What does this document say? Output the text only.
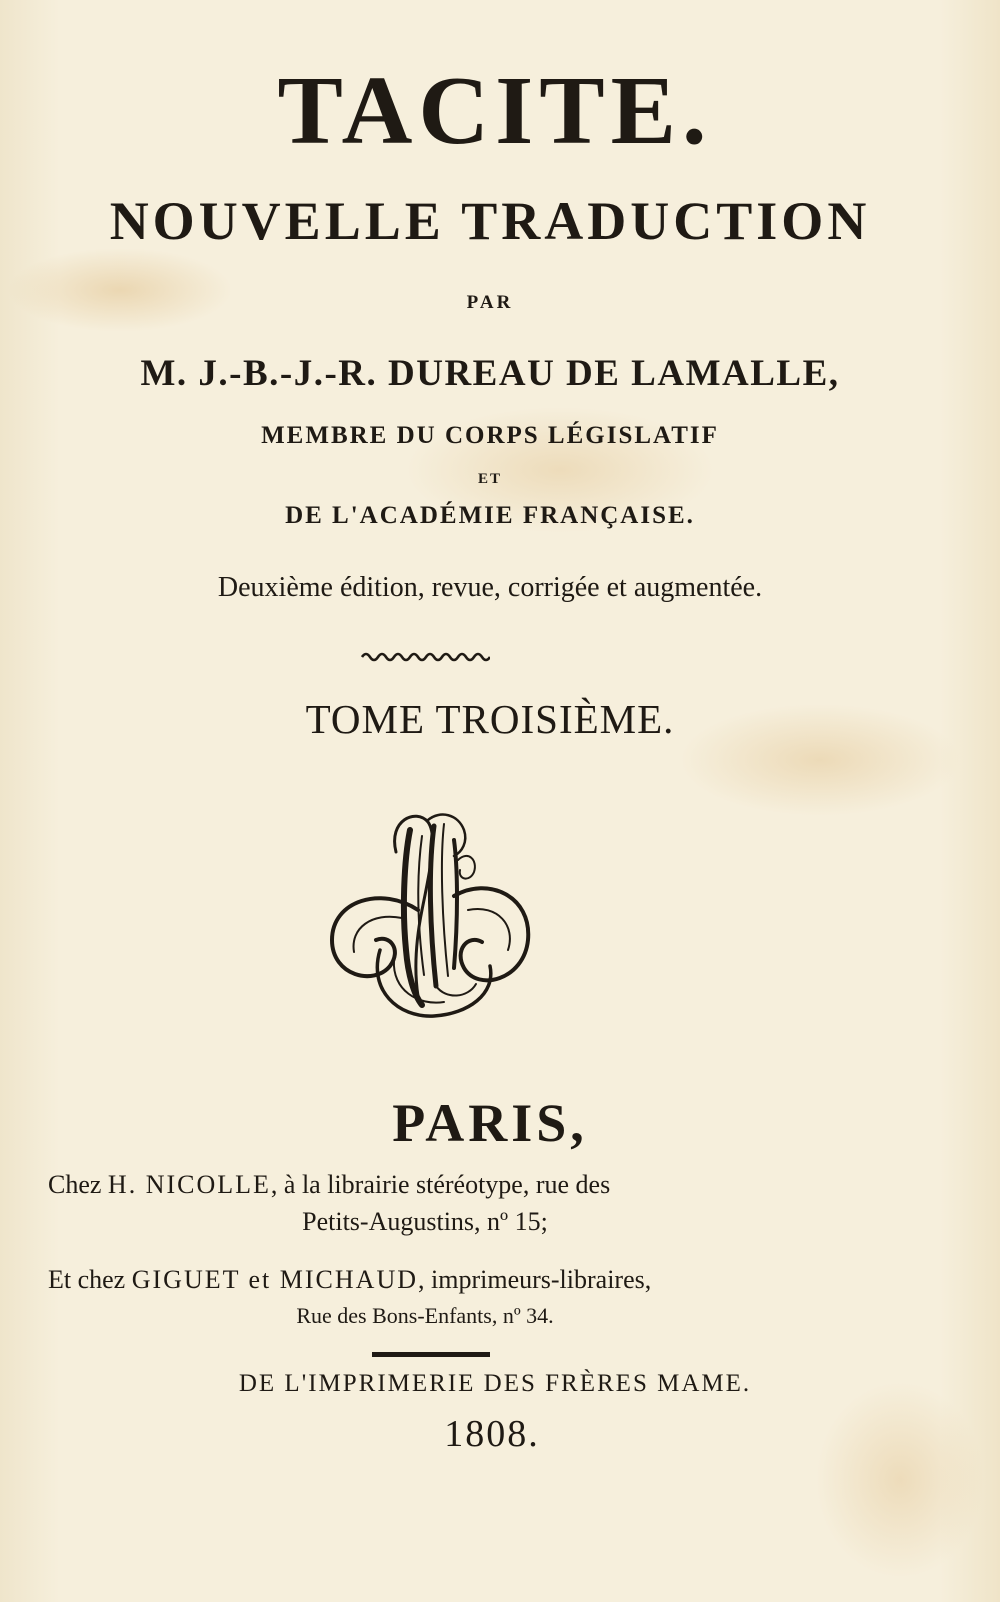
TACITE.
NOUVELLE TRADUCTION
PAR
M. J.-B.-J.-R. DUREAU DE LAMALLE,
MEMBRE DU CORPS LÉGISLATIF
ET
DE L'ACADÉMIE FRANÇAISE.
Deuxième édition, revue, corrigée et augmentée.
TOME TROISIÈME.
PARIS,
Chez H. NICOLLE, à la librairie stéréotype, rue des
Petits-Augustins, nº 15;
Et chez GIGUET et MICHAUD, imprimeurs-libraires,
Rue des Bons-Enfants, nº 34.
DE L'IMPRIMERIE DES FRÈRES MAME.
1808.
